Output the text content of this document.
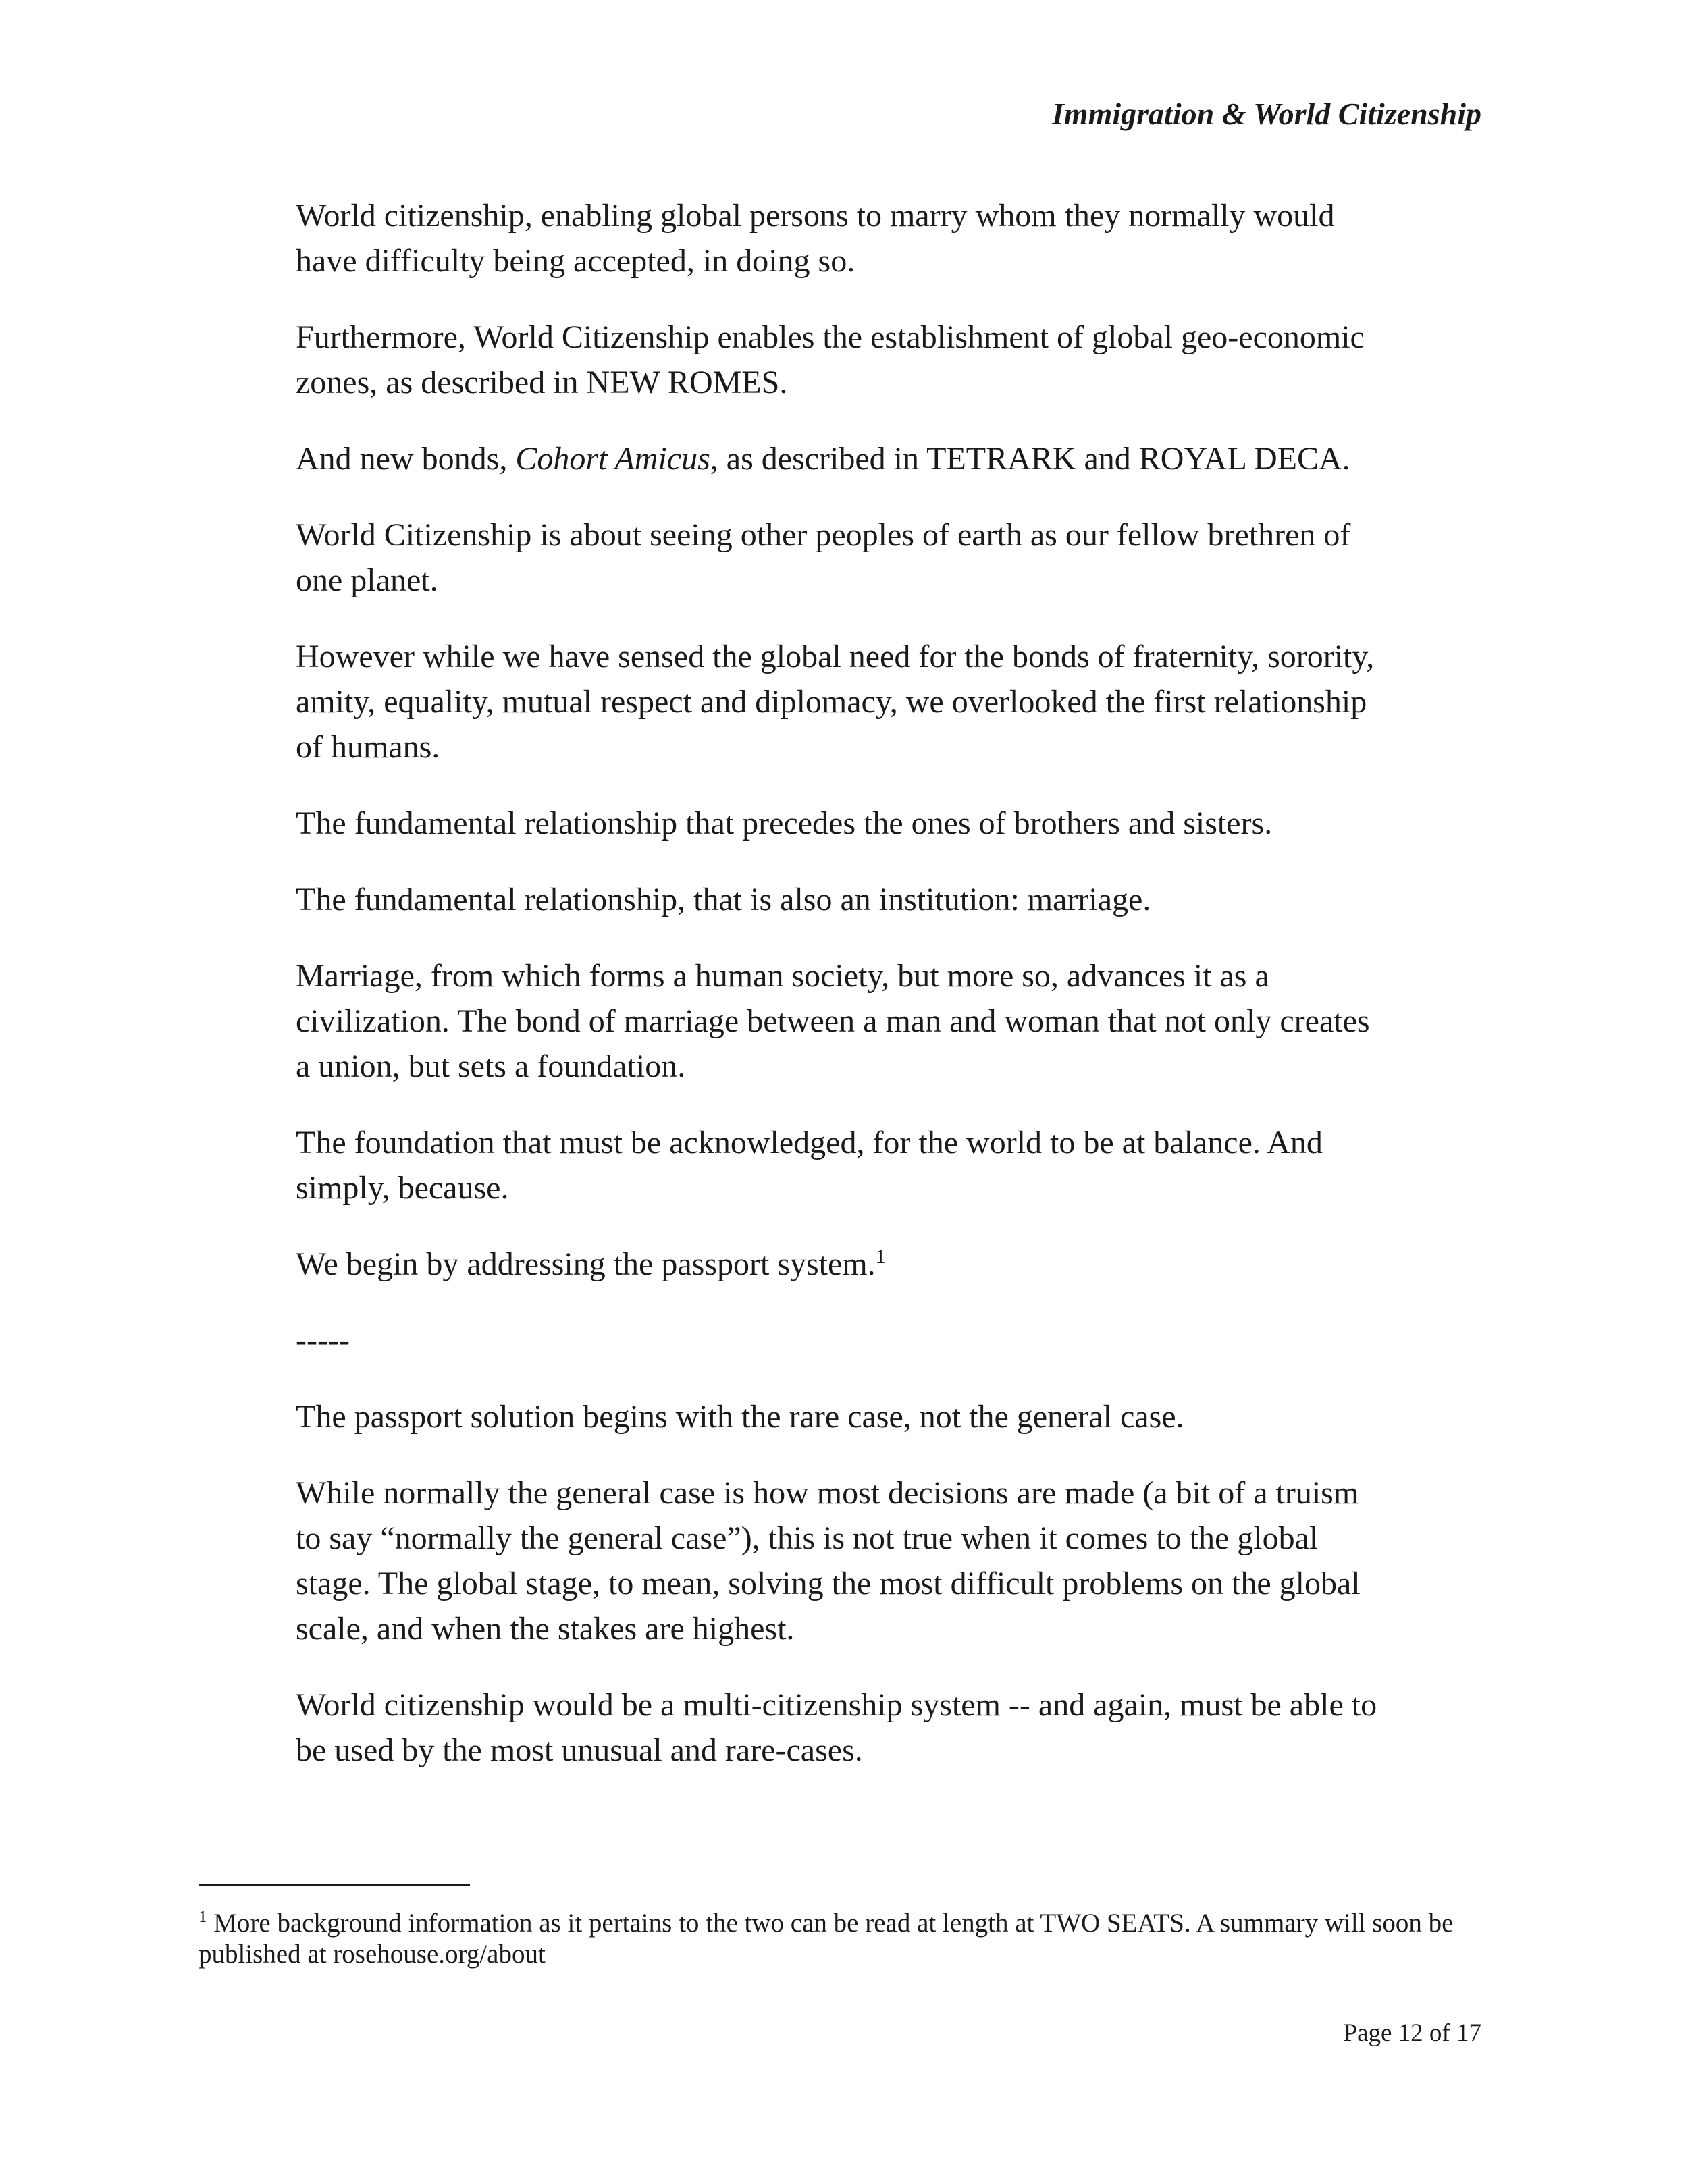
Immigration & World Citizenship

World citizenship, enabling global persons to marry whom they normally would have difficulty being accepted, in doing so.

Furthermore, World Citizenship enables the establishment of global geo-economic zones, as described in NEW ROMES.

And new bonds, Cohort Amicus, as described in TETRARK and ROYAL DECA.

World Citizenship is about seeing other peoples of earth as our fellow brethren of one planet.

However while we have sensed the global need for the bonds of fraternity, sorority, amity, equality, mutual respect and diplomacy, we overlooked the first relationship of humans.

The fundamental relationship that precedes the ones of brothers and sisters.

The fundamental relationship, that is also an institution: marriage.

Marriage, from which forms a human society, but more so, advances it as a civilization. The bond of marriage between a man and woman that not only creates a union, but sets a foundation.

The foundation that must be acknowledged, for the world to be at balance. And simply, because.

We begin by addressing the passport system.$^1$

-----

The passport solution begins with the rare case, not the general case.

While normally the general case is how most decisions are made (a bit of a truism to say “normally the general case”), this is not true when it comes to the global stage. The global stage, to mean, solving the most difficult problems on the global scale, and when the stakes are highest.

World citizenship would be a multi-citizenship system -- and again, must be able to be used by the most unusual and rare-cases.

$^1$ More background information as it pertains to the two can be read at length at TWO SEATS. A summary will soon be published at rosehouse.org/about
Page 12 of 17
